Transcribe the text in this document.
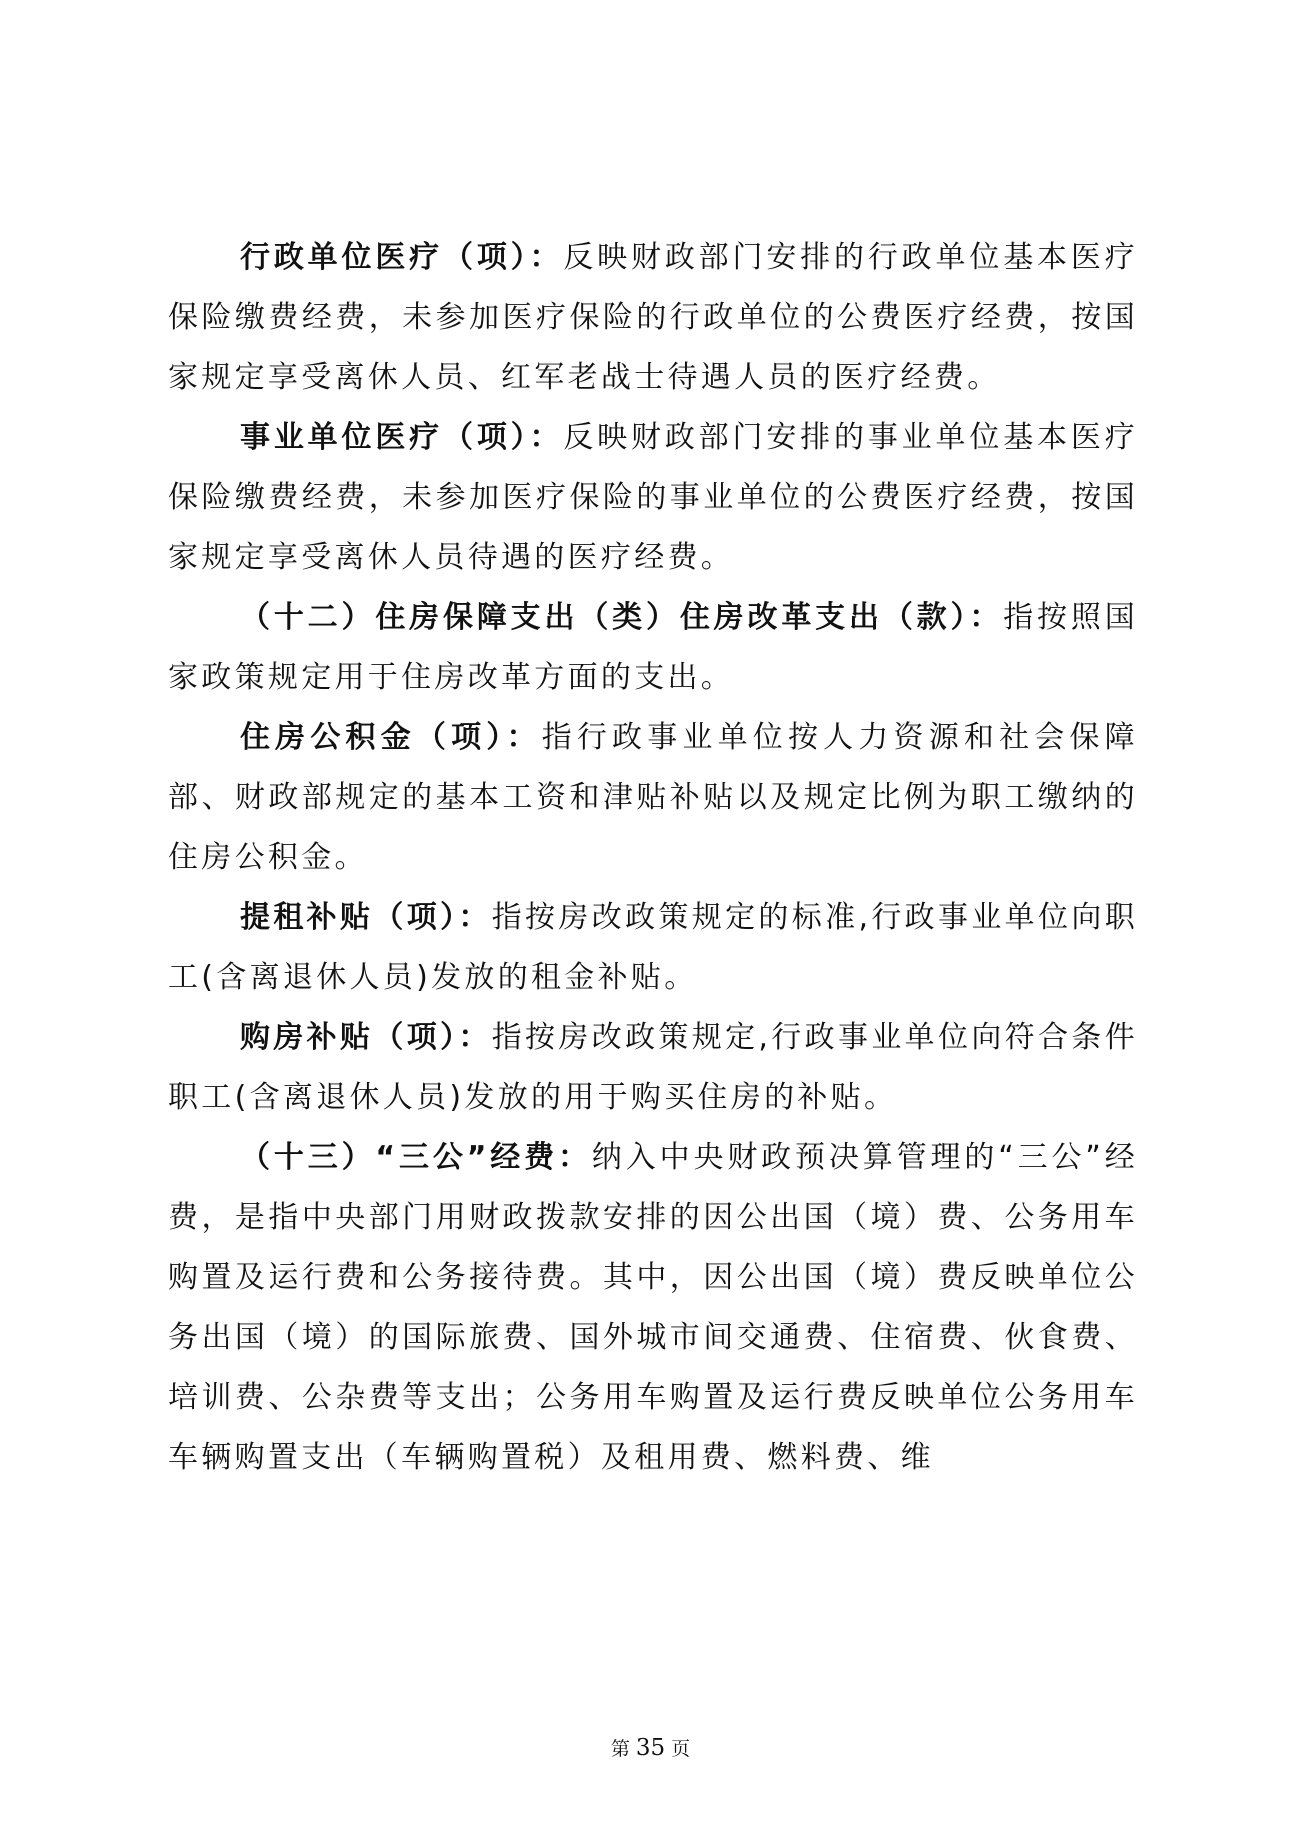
行政单位医疗（项）：反映财政部门安排的行政单位基本医疗保险缴费经费，未参加医疗保险的行政单位的公费医疗经费，按国家规定享受离休人员、红军老战士待遇人员的医疗经费。

事业单位医疗（项）：反映财政部门安排的事业单位基本医疗保险缴费经费，未参加医疗保险的事业单位的公费医疗经费，按国家规定享受离休人员待遇的医疗经费。

（十二）住房保障支出（类）住房改革支出（款）：指按照国家政策规定用于住房改革方面的支出。

住房公积金（项）：指行政事业单位按人力资源和社会保障部、财政部规定的基本工资和津贴补贴以及规定比例为职工缴纳的住房公积金。

提租补贴（项）：指按房改政策规定的标准,行政事业单位向职工(含离退休人员)发放的租金补贴。

购房补贴（项）：指按房改政策规定,行政事业单位向符合条件职工(含离退休人员)发放的用于购买住房的补贴。

（十三）“三公”经费：纳入中央财政预决算管理的“三公”经费，是指中央部门用财政拨款安排的因公出国（境）费、公务用车购置及运行费和公务接待费。其中，因公出国（境）费反映单位公务出国（境）的国际旅费、国外城市间交通费、住宿费、伙食费、培训费、公杂费等支出；公务用车购置及运行费反映单位公务用车车辆购置支出（车辆购置税）及租用费、燃料费、维

第 35 页
